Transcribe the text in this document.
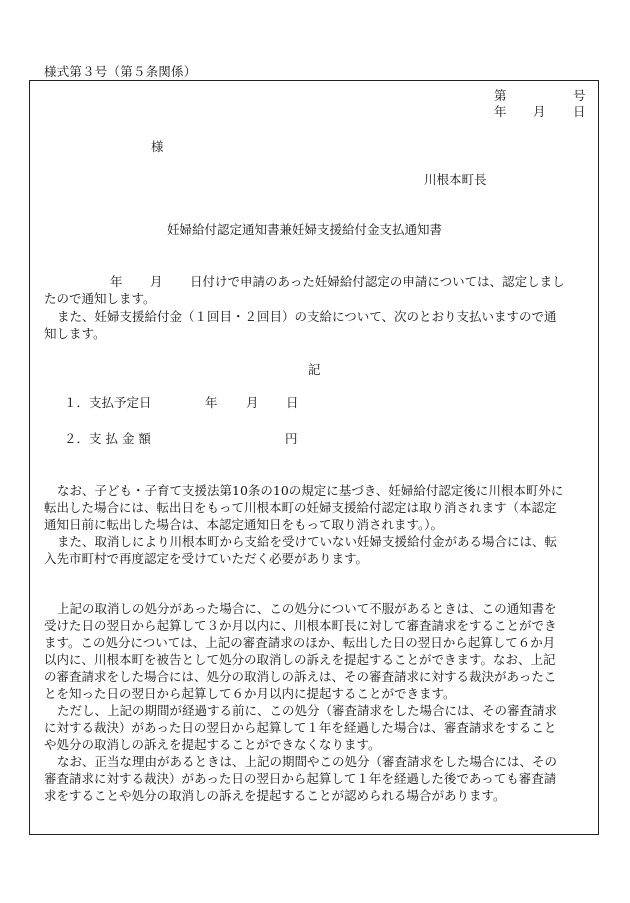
様式第３号（第５条関係）
第	号
年 月 日
様
川根本町長
妊婦給付認定通知書兼妊婦支援給付金支払通知書
年 月 日付けで申請のあった妊婦給付認定の申請については、認定しまし
たので通知します。
また、妊婦支援給付金（１回目・２回目）の支給について、次のとおり支払いますので通
知します。
記
１．支払予定日	年 月 日
２．支 払 金 額	円
なお、子ども・子育て支援法第10条の10の規定に基づき、妊婦給付認定後に川根本町外に
転出した場合には、転出日をもって川根本町の妊婦支援給付認定は取り消されます（本認定
通知日前に転出した場合は、本認定通知日をもって取り消されます。）。
また、取消しにより川根本町から支給を受けていない妊婦支援給付金がある場合には、転
入先市町村で再度認定を受けていただく必要があります。
上記の取消しの処分があった場合に、この処分について不服があるときは、この通知書を
受けた日の翌日から起算して３か月以内に、川根本町長に対して審査請求をすることができ
ます。この処分については、上記の審査請求のほか、転出した日の翌日から起算して６か月
以内に、川根本町を被告として処分の取消しの訴えを提起することができます。なお、上記
の審査請求をした場合には、処分の取消しの訴えは、その審査請求に対する裁決があったこ
とを知った日の翌日から起算して６か月以内に提起することができます。
ただし、上記の期間が経過する前に、この処分（審査請求をした場合には、その審査請求
に対する裁決）があった日の翌日から起算して１年を経過した場合は、審査請求をすること
や処分の取消しの訴えを提起することができなくなります。
なお、正当な理由があるときは、上記の期間やこの処分（審査請求をした場合には、その
審査請求に対する裁決）があった日の翌日から起算して１年を経過した後であっても審査請
求をすることや処分の取消しの訴えを提起することが認められる場合があります。
